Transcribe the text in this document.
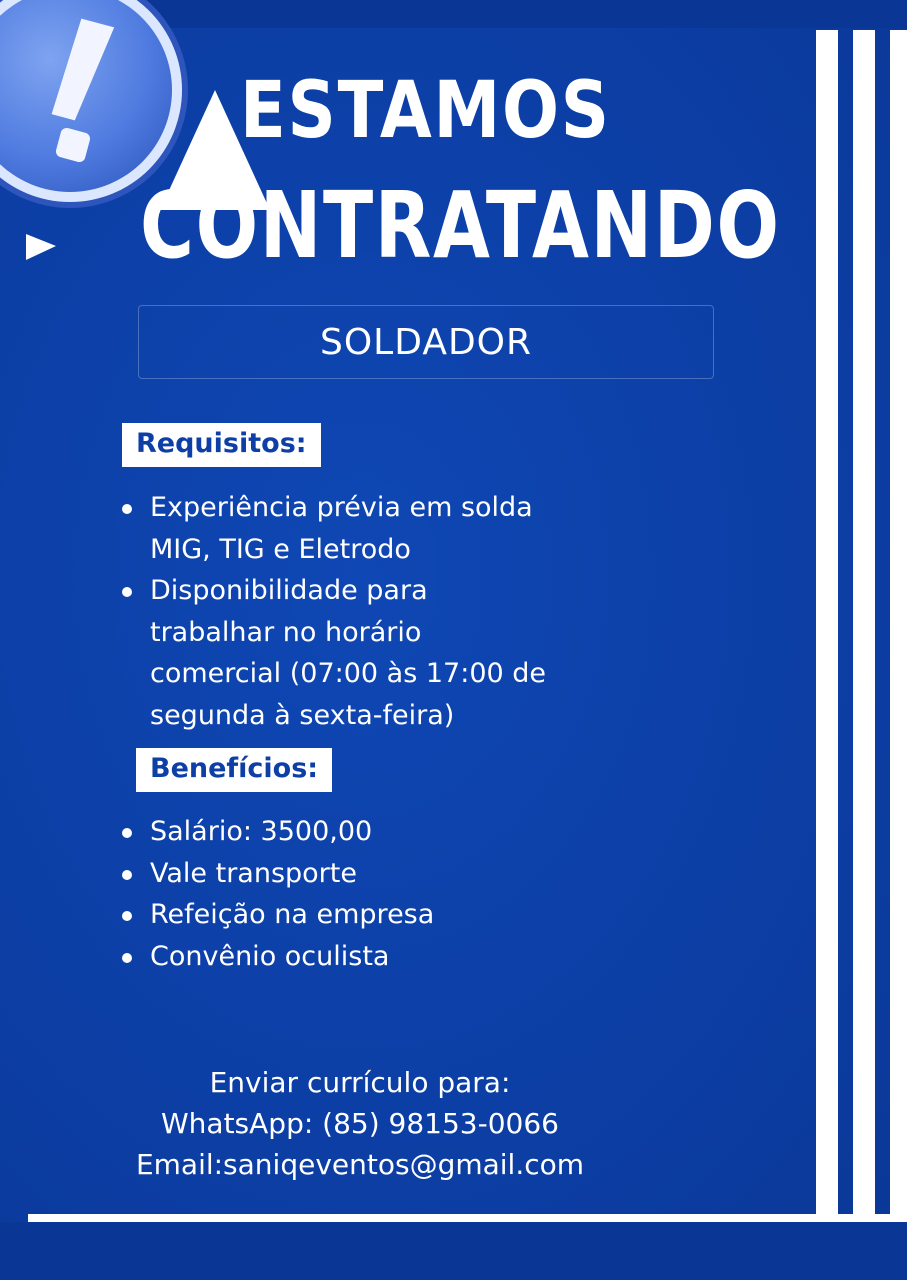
ESTAMOS
CONTRATANDO
SOLDADOR
Requisitos:
Experiência prévia em solda MIG, TIG e Eletrodo
Disponibilidade para trabalhar no horário comercial (07:00 às 17:00 de segunda à sexta-feira)
Benefícios:
Salário: 3500,00
Vale transporte
Refeição na empresa
Convênio oculista
Enviar currículo para:
WhatsApp: (85) 98153-0066
Email:saniqeventos@gmail.com
